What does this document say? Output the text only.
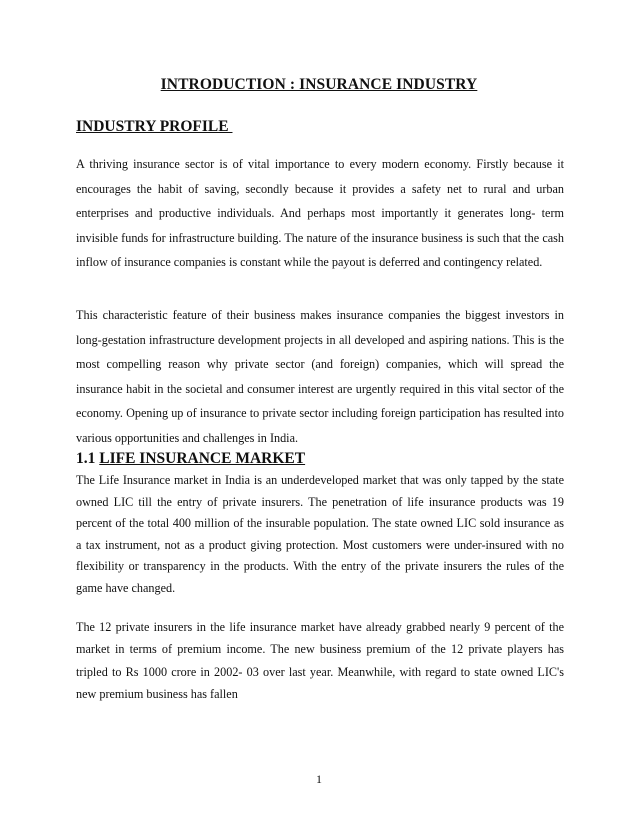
INTRODUCTION : INSURANCE INDUSTRY
INDUSTRY PROFILE
A thriving insurance sector is of vital importance to every modern economy. Firstly because it encourages the habit of saving, secondly because it provides a safety net to rural and urban enterprises and productive individuals. And perhaps most importantly it generates long- term invisible funds for infrastructure building. The nature of the insurance business is such that the cash inflow of insurance companies is constant while the payout is deferred and contingency related.
This characteristic feature of their business makes insurance companies the biggest investors in long-gestation infrastructure development projects in all developed and aspiring nations. This is the most compelling reason why private sector (and foreign) companies, which will spread the insurance habit in the societal and consumer interest are urgently required in this vital sector of the economy. Opening up of insurance to private sector including foreign participation has resulted into various opportunities and challenges in India.
1.1 LIFE INSURANCE MARKET
The Life Insurance market in India is an underdeveloped market that was only tapped by the state owned LIC till the entry of private insurers. The penetration of life insurance products was 19 percent of the total 400 million of the insurable population. The state owned LIC sold insurance as a tax instrument, not as a product giving protection. Most customers were under-insured with no flexibility or transparency in the products. With the entry of the private insurers the rules of the game have changed.
The 12 private insurers in the life insurance market have already grabbed nearly 9 percent of the market in terms of premium income. The new business premium of the 12 private players has tripled to Rs 1000 crore in 2002- 03 over last year. Meanwhile, with regard to state owned LIC's new premium business has fallen
1
